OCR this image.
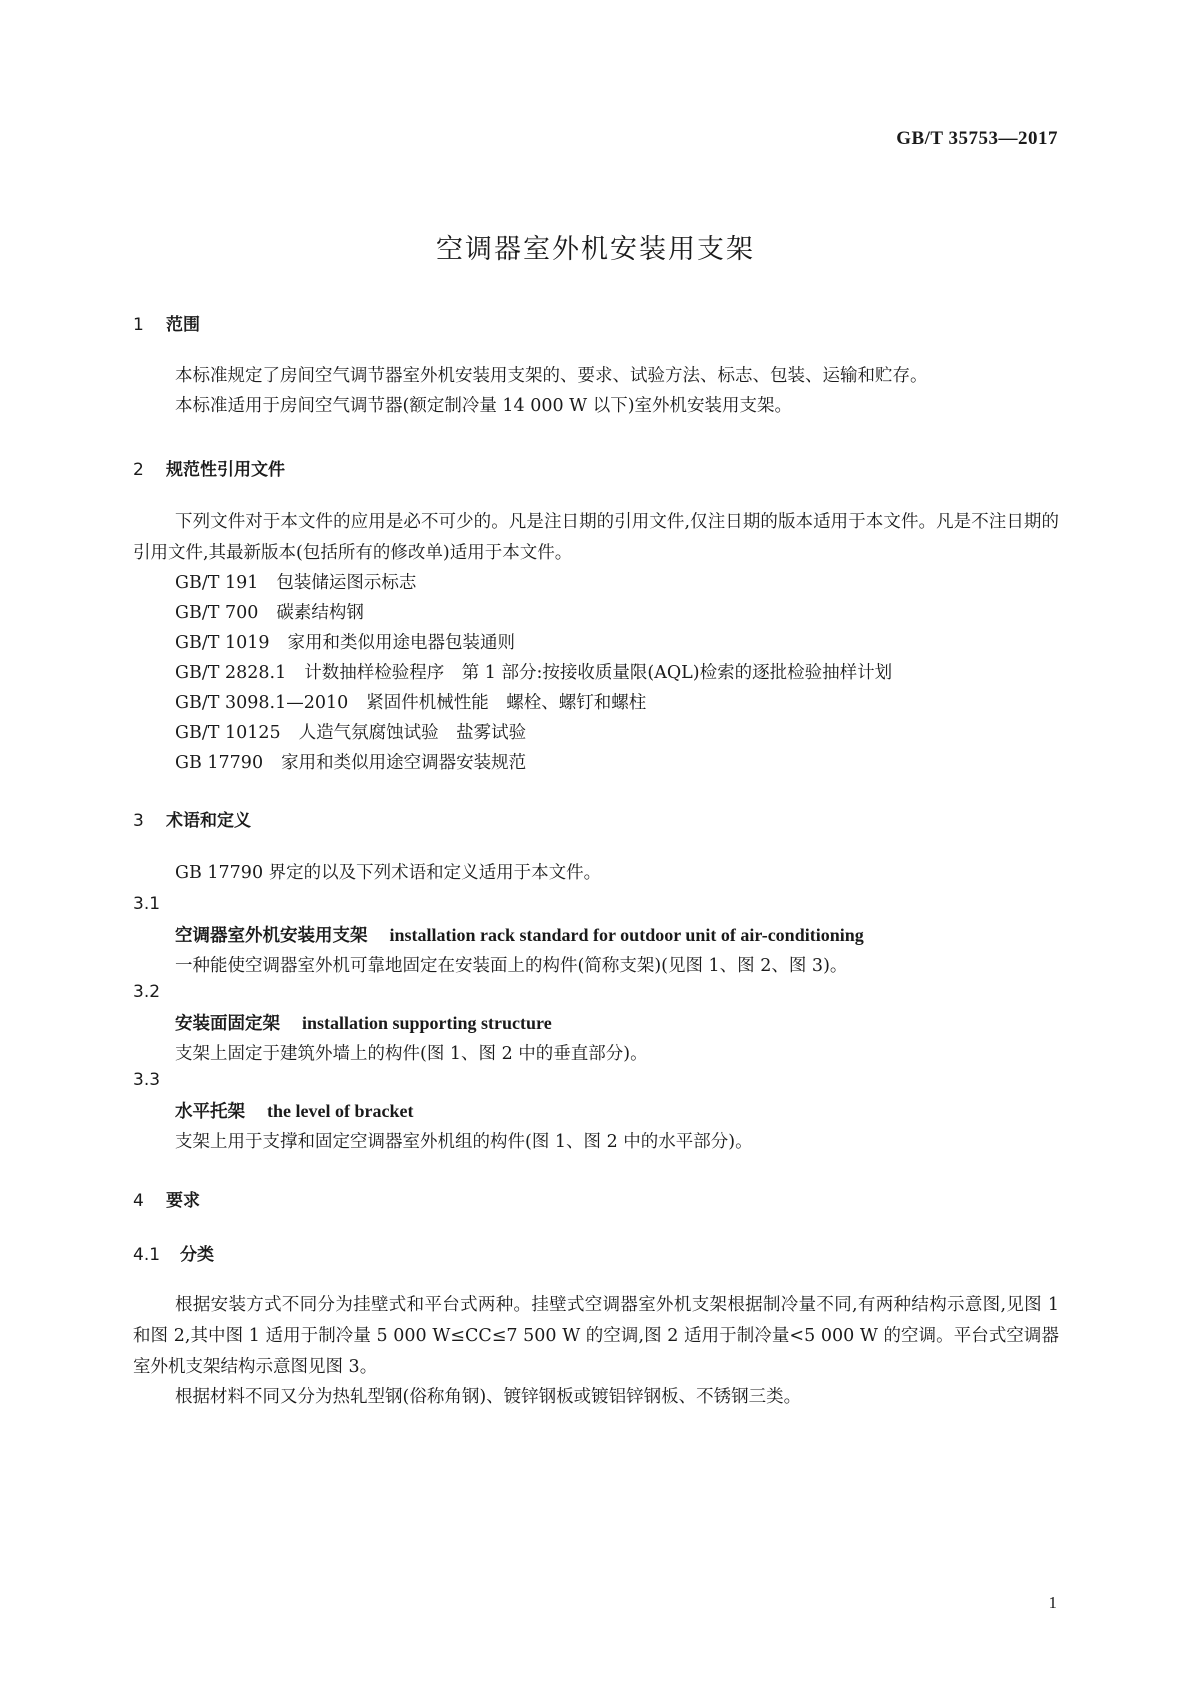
GB/T 35753—2017
空调器室外机安装用支架
1 范围
本标准规定了房间空气调节器室外机安装用支架的、要求、试验方法、标志、包装、运输和贮存。
本标准适用于房间空气调节器(额定制冷量 14 000 W 以下)室外机安装用支架。
2 规范性引用文件
下列文件对于本文件的应用是必不可少的。凡是注日期的引用文件,仅注日期的版本适用于本文件。凡是不注日期的引用文件,其最新版本(包括所有的修改单)适用于本文件。
GB/T 191 包装储运图示标志
GB/T 700 碳素结构钢
GB/T 1019 家用和类似用途电器包装通则
GB/T 2828.1 计数抽样检验程序　第 1 部分:按接收质量限(AQL)检索的逐批检验抽样计划
GB/T 3098.1—2010 紧固件机械性能　螺栓、螺钉和螺柱
GB/T 10125 人造气氛腐蚀试验　盐雾试验
GB 17790 家用和类似用途空调器安装规范
3 术语和定义
GB 17790 界定的以及下列术语和定义适用于本文件。
3.1
空调器室外机安装用支架 installation rack standard for outdoor unit of air-conditioning
一种能使空调器室外机可靠地固定在安装面上的构件(简称支架)(见图 1、图 2、图 3)。
3.2
安装面固定架 installation supporting structure
支架上固定于建筑外墙上的构件(图 1、图 2 中的垂直部分)。
3.3
水平托架 the level of bracket
支架上用于支撑和固定空调器室外机组的构件(图 1、图 2 中的水平部分)。
4 要求
4.1 分类
根据安装方式不同分为挂壁式和平台式两种。挂壁式空调器室外机支架根据制冷量不同,有两种结构示意图,见图 1 和图 2,其中图 1 适用于制冷量 5 000 W≤CC≤7 500 W 的空调,图 2 适用于制冷量<5 000 W 的空调。平台式空调器室外机支架结构示意图见图 3。
根据材料不同又分为热轧型钢(俗称角钢)、镀锌钢板或镀铝锌钢板、不锈钢三类。
1
